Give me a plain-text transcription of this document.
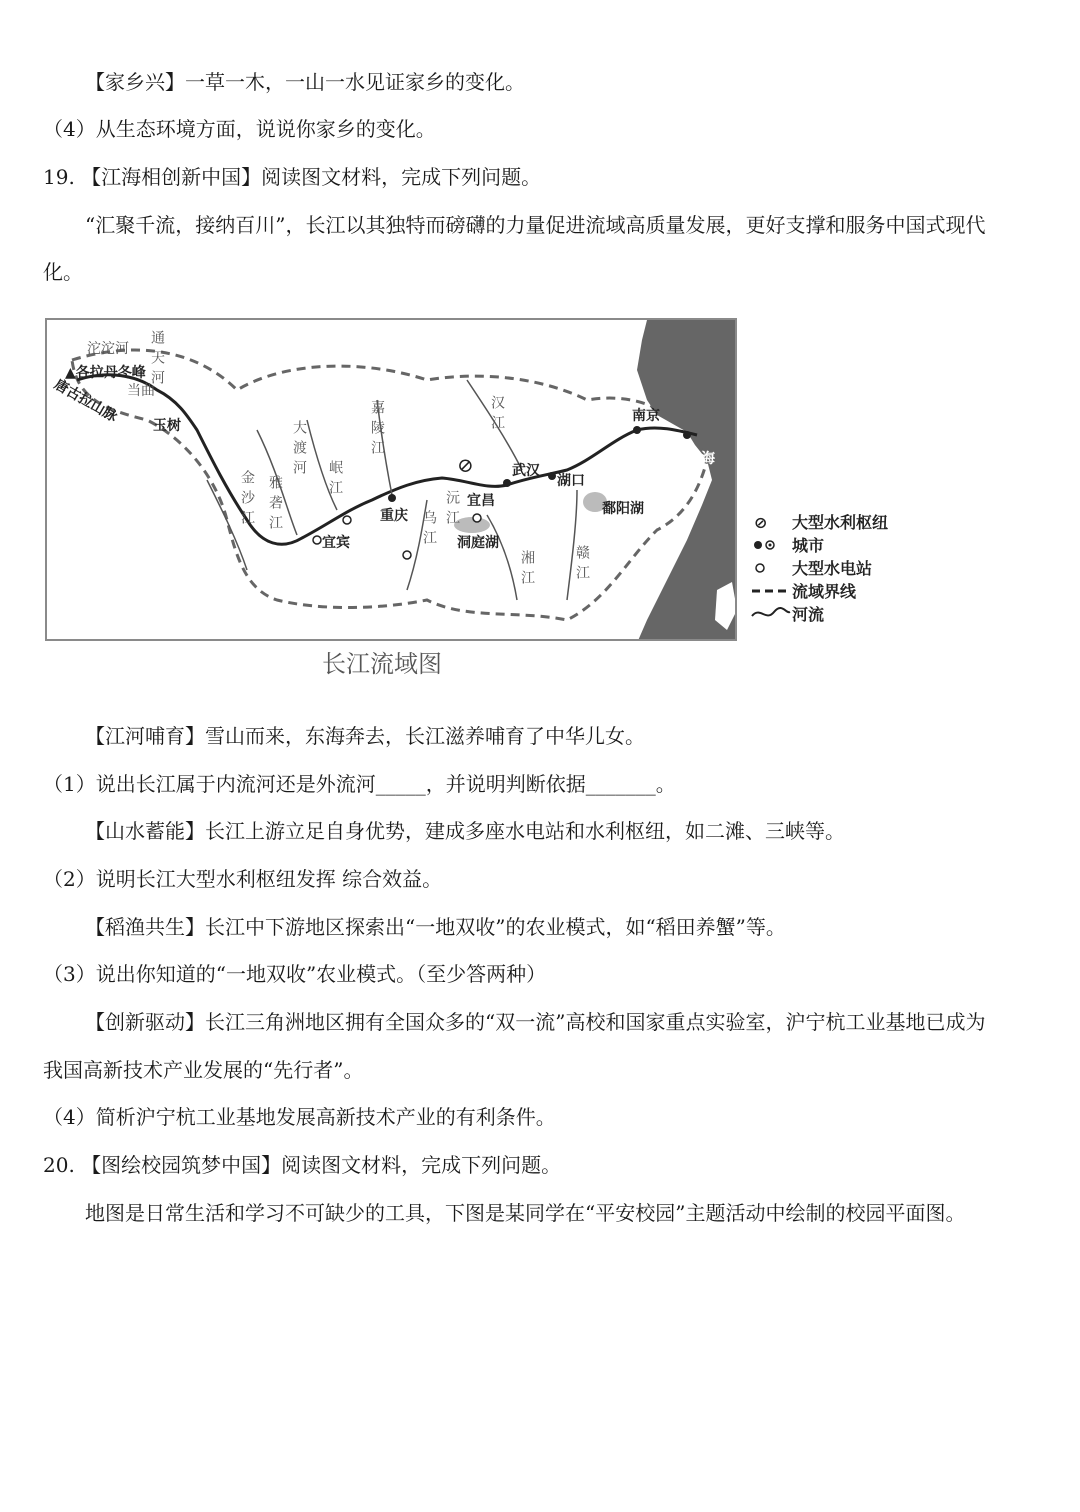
【家乡兴】一草一木，一山一水见证家乡的变化。
（4）从生态环境方面，说说你家乡的变化。
19. 【江海相创新中国】阅读图文材料，完成下列问题。
“汇聚千流，接纳百川”，长江以其独特而磅礴的力量促进流域高质量发展，更好支撑和服务中国式现代
化。
⊘
沱沱河 通天河
▲各拉丹冬峰
唐古拉山脉
玉树
当曲
金沙江
大渡河
雅砻江	岷江
嘉陵江
重庆
宜宾	乌江 沅江 宜昌
洞庭湖
湘江
汉江
武汉
湖口
鄱阳湖
赣江
南京
上海
⊘ 大型水利枢纽
城市
大型水电站
流域界线
河流
长江流域图
【江河哺育】雪山而来，东海奔去，长江滋养哺育了中华儿女。
（1）说出长江属于内流河还是外流河_____，并说明判断依据_______。
【山水蓄能】长江上游立足自身优势，建成多座水电站和水利枢纽，如二滩、三峡等。
（2）说明长江大型水利枢纽发挥 综合效益。
【稻渔共生】长江中下游地区探索出“一地双收”的农业模式，如“稻田养蟹”等。
（3）说出你知道的“一地双收”农业模式。（至少答两种）
【创新驱动】长江三角洲地区拥有全国众多的“双一流”高校和国家重点实验室，沪宁杭工业基地已成为
我国高新技术产业发展的“先行者”。
（4）简析沪宁杭工业基地发展高新技术产业的有利条件。
20. 【图绘校园筑梦中国】阅读图文材料，完成下列问题。
地图是日常生活和学习不可缺少的工具，下图是某同学在“平安校园”主题活动中绘制的校园平面图。
